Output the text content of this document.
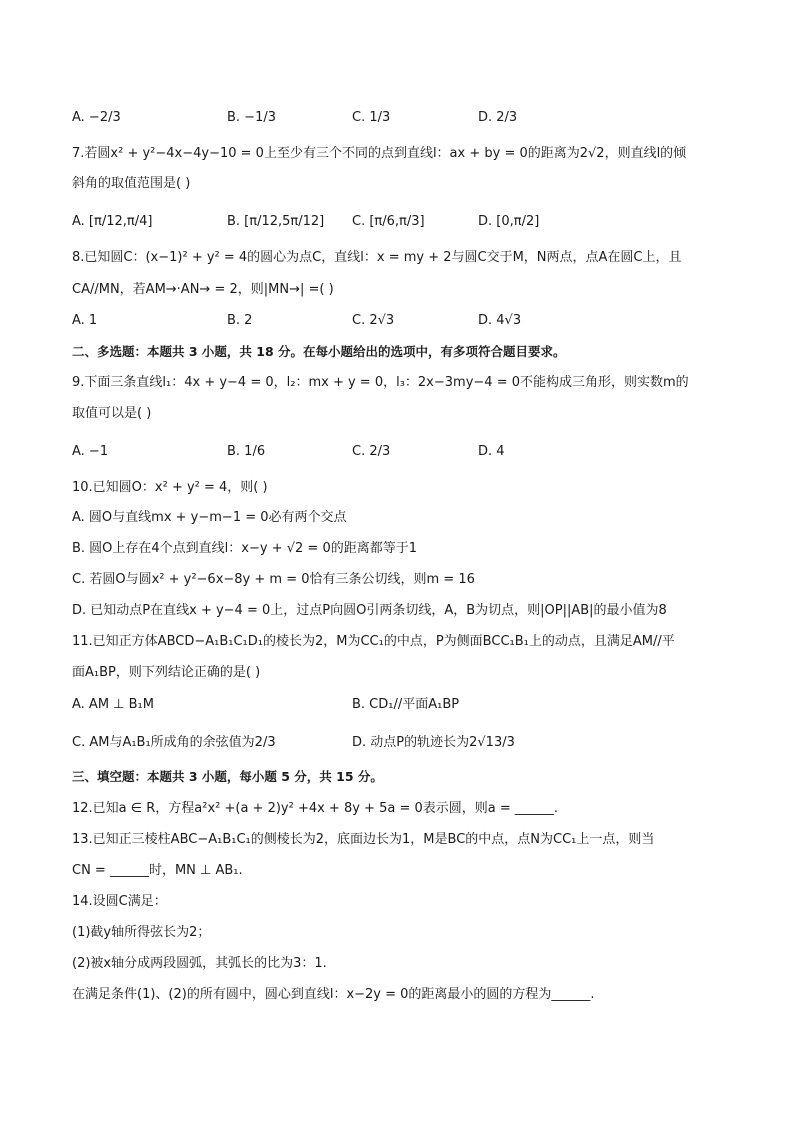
A. −2/3	B. −1/3	C. 1/3	D. 2/3
7.若圆x² + y²−4x−4y−10 = 0上至少有三个不同的点到直线l：ax + by = 0的距离为2√2，则直线l的倾
斜角的取值范围是( )
A. [π/12,π/4]	B. [π/12,5π/12] C. [π/6,π/3]	D. [0,π/2]
8.已知圆C：(x−1)² + y² = 4的圆心为点C，直线l：x = my + 2与圆C交于M，N两点，点A在圆C上，且
CA//MN，若AM→·AN→ = 2，则|MN→| =( )
A. 1	B. 2	C. 2√3	D. 4√3
二、多选题：本题共 3 小题，共 18 分。在每小题给出的选项中，有多项符合题目要求。
9.下面三条直线l₁：4x + y−4 = 0，l₂：mx + y = 0，l₃：2x−3my−4 = 0不能构成三角形，则实数m的
取值可以是( )
A. −1	B. 1/6	C. 2/3	D. 4
10.已知圆O：x² + y² = 4，则( )
A. 圆O与直线mx + y−m−1 = 0必有两个交点
B. 圆O上存在4个点到直线l：x−y + √2 = 0的距离都等于1
C. 若圆O与圆x² + y²−6x−8y + m = 0恰有三条公切线，则m = 16
D. 已知动点P在直线x + y−4 = 0上，过点P向圆O引两条切线，A，B为切点，则|OP||AB|的最小值为8
11.已知正方体ABCD−A₁B₁C₁D₁的棱长为2，M为CC₁的中点，P为侧面BCC₁B₁上的动点，且满足AM//平
面A₁BP，则下列结论正确的是( )
A. AM ⊥ B₁M	B. CD₁//平面A₁BP
C. AM与A₁B₁所成角的余弦值为2/3	D. 动点P的轨迹长为2√13/3
三、填空题：本题共 3 小题，每小题 5 分，共 15 分。
12.已知a ∈ R，方程a²x² +(a + 2)y² +4x + 8y + 5a = 0表示圆，则a = ______.
13.已知正三棱柱ABC−A₁B₁C₁的侧棱长为2，底面边长为1，M是BC的中点，点N为CC₁上一点，则当
CN = ______时，MN ⊥ AB₁.
14.设圆C满足：
(1)截y轴所得弦长为2；
(2)被x轴分成两段圆弧，其弧长的比为3：1.
在满足条件(1)、(2)的所有圆中，圆心到直线l：x−2y = 0的距离最小的圆的方程为______.
